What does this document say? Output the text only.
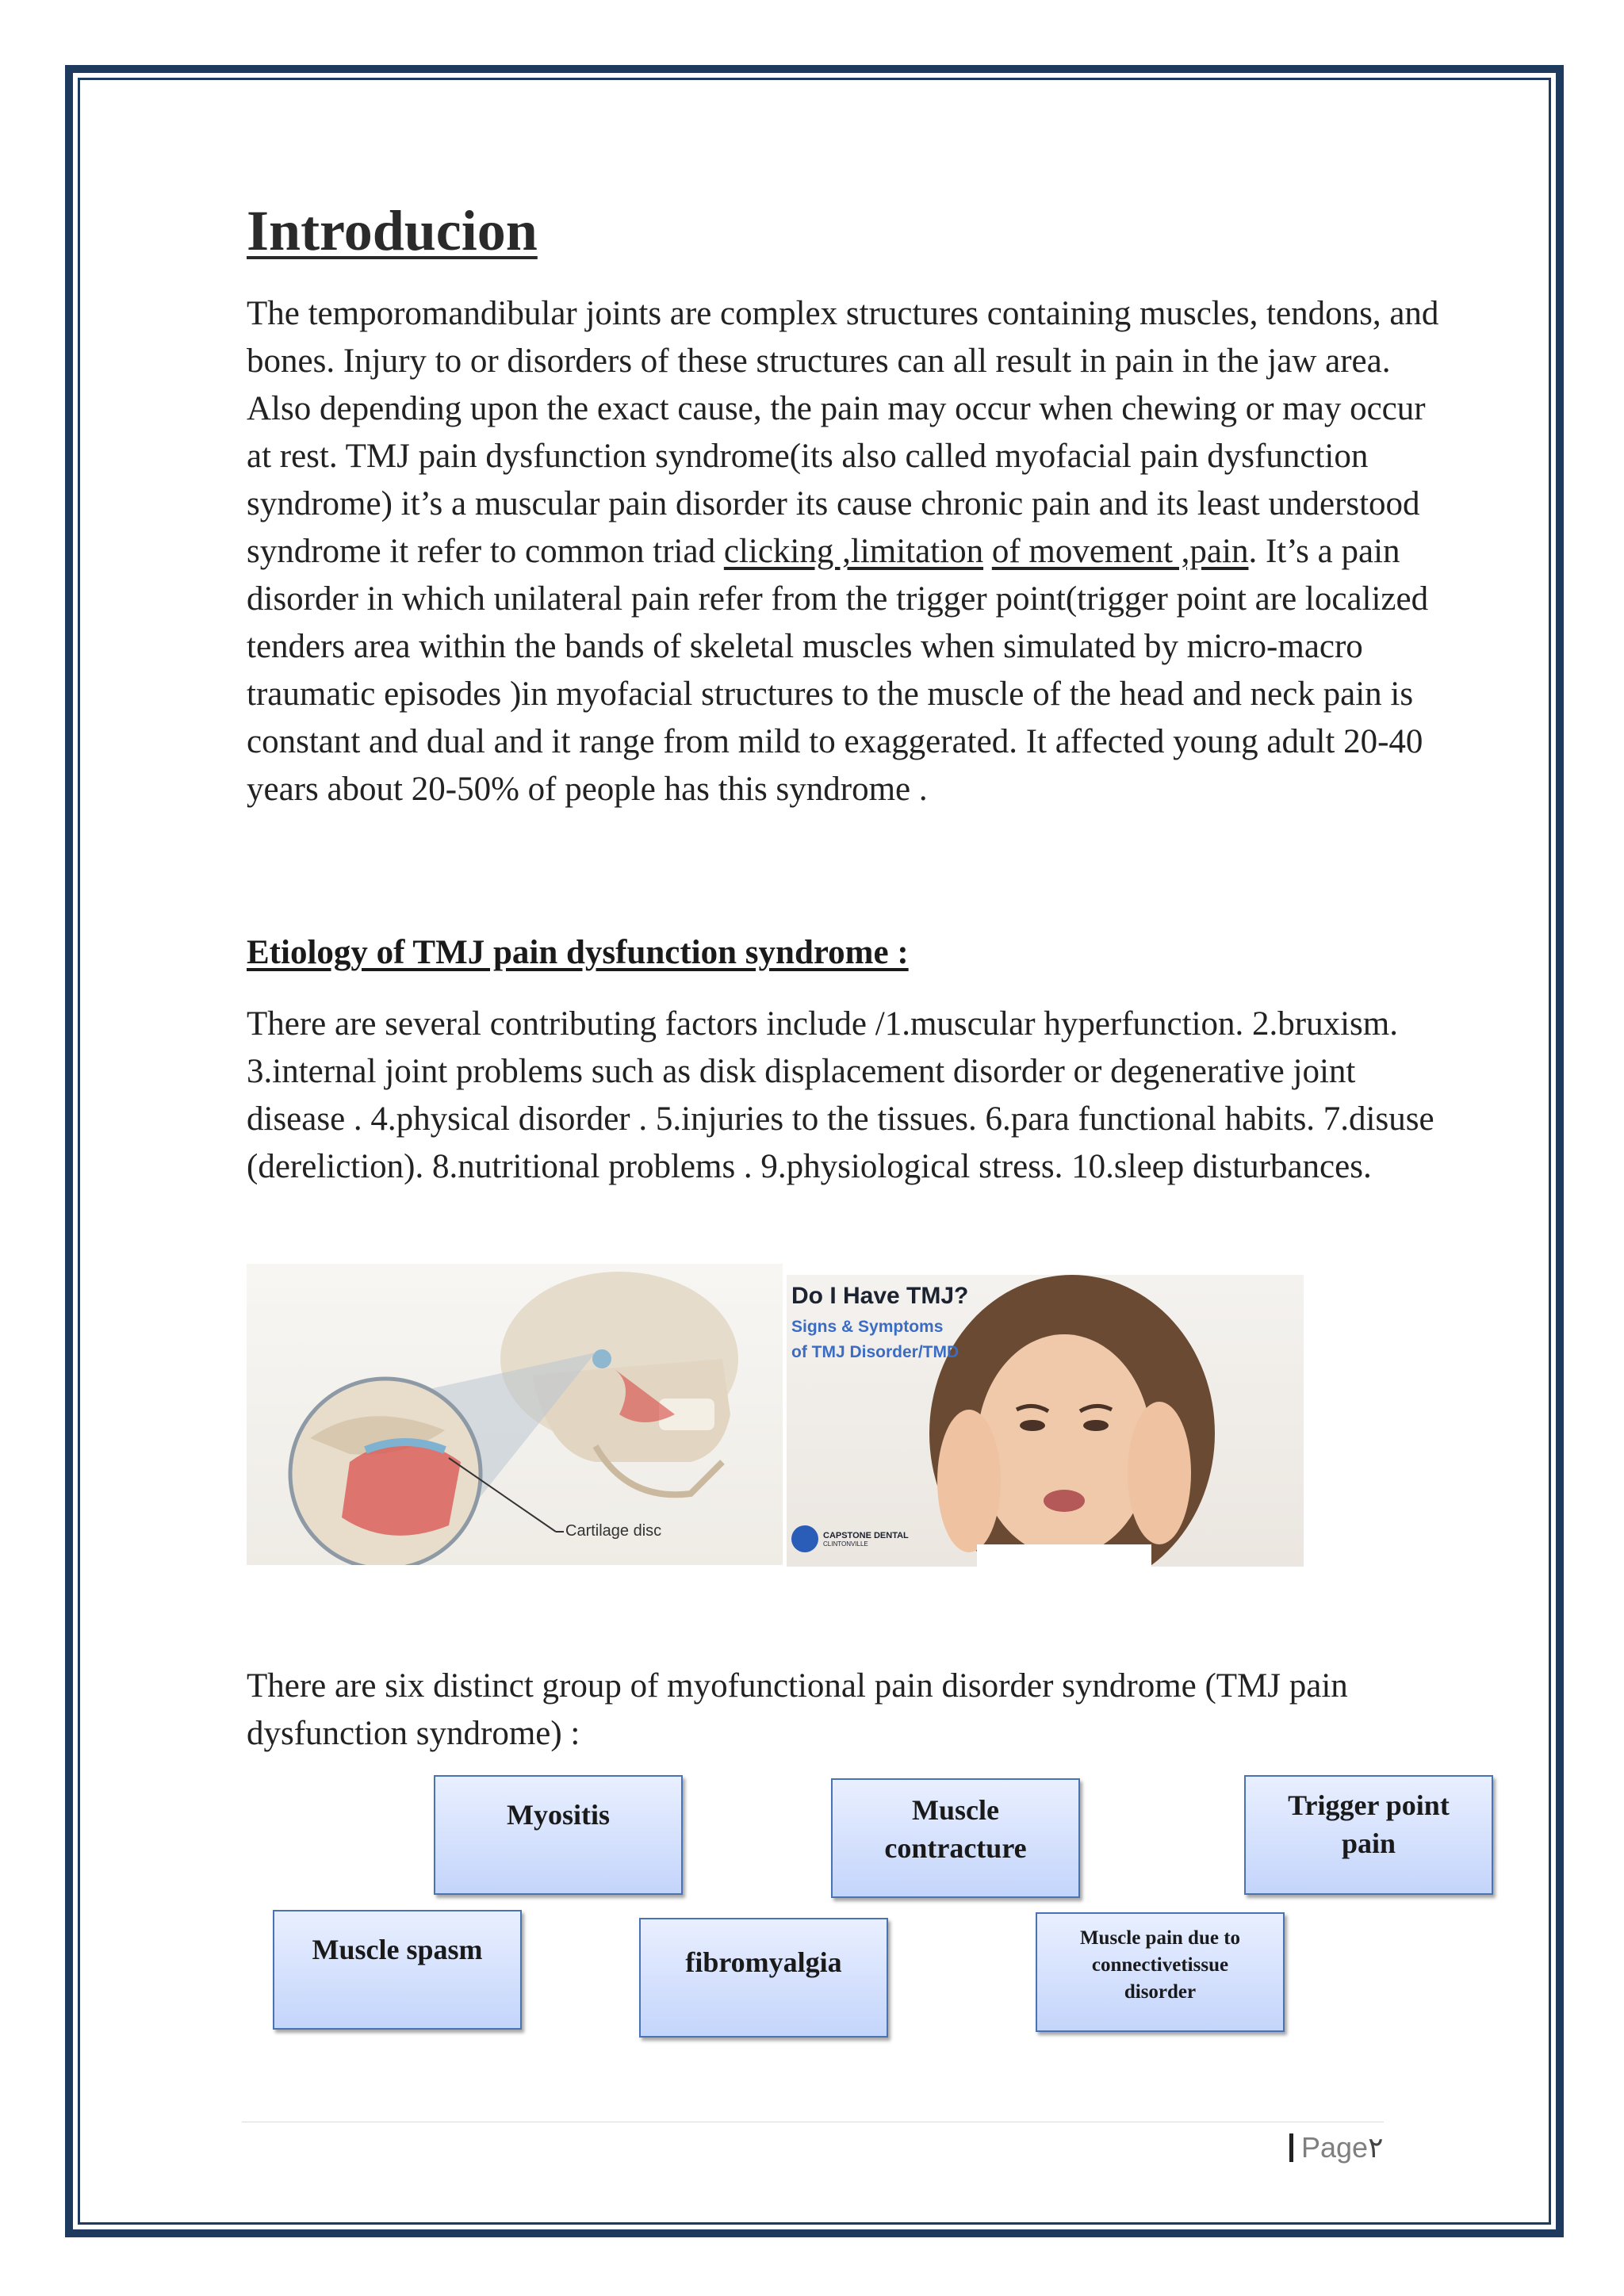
Introducion

The temporomandibular joints are complex structures containing muscles, tendons, and bones. Injury to or disorders of these structures can all result in pain in the jaw area. Also depending upon the exact cause, the pain may occur when chewing or may occur at rest. TMJ pain dysfunction syndrome(its also called myofacial pain dysfunction syndrome) it’s a muscular pain disorder its cause chronic pain and its least understood syndrome it refer to common triad clicking ,limitation of movement ,pain. It’s a pain disorder in which unilateral pain refer from the trigger point(trigger point are localized tenders area within the bands of skeletal muscles when simulated by micro-macro traumatic episodes )in myofacial structures to the muscle of the head and neck pain is constant and dual and it range from mild to exaggerated. It affected young adult 20-40 years about 20-50% of people has this syndrome .

Etiology of TMJ pain dysfunction syndrome :

There are several contributing factors include /1.muscular hyperfunction. 2.bruxism. 3.internal joint problems such as disk displacement disorder or degenerative joint disease . 4.physical disorder . 5.injuries to the tissues. 6.para functional habits. 7.disuse (dereliction). 8.nutritional problems . 9.physiological stress. 10.sleep disturbances.

Cartilage disc
Do I Have TMJ?
Signs & Symptoms
of TMJ Disorder/TMD
CAPSTONE DENTAL
CLINTONVILLE

There are six distinct group of myofunctional pain disorder syndrome (TMJ pain dysfunction syndrome) :

Myositis	Muscle
contracture
Trigger point
pain
Muscle spasm	fibromyalgia
Muscle pain due to
connectivetissue
disorder
Page ٢
